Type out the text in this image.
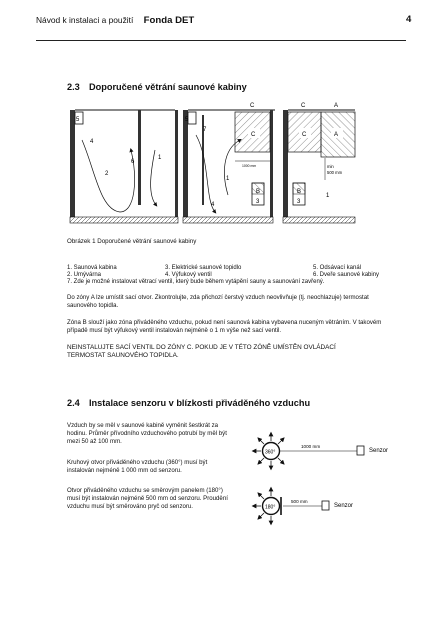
Návod k instalaci a použití Fonda DET	4
2.3 Doporučené větrání saunové kabiny
5
4
2
6
1
C
1000 mm
B
3
5
7
4
1
C
C	A
B
3
min
500 mm
1
C	A
Obrázek 1 Doporučené větrání saunové kabiny
1. Saunová kabina
2. Umývárna
3. Elektrické saunové topidlo
4. Výfukový ventil
5. Odsávací kanál
6. Dveře saunové kabiny
7. Zde je možné instalovat větrací ventil, který bude během vytápění sauny a saunování zavřený.
Do zóny A lze umístit sací otvor. Zkontrolujte, zda přichozí čerstvý vzduch neovlivňuje (tj. neochlazuje) termostat saunového topidla.
Zóna B slouží jako zóna přiváděného vzduchu, pokud není saunová kabina vybavena nuceným větráním. V takovém případě musí být výfukový ventil instalován nejméně o 1 m výše než sací ventil.
NEINSTALUJTE SACÍ VENTIL DO ZÓNY C. POKUD JE V TÉTO ZÓNĚ UMÍSTĚN OVLÁDACÍ TERMOSTAT SAUNOVÉHO TOPIDLA.
2.4 Instalace senzoru v blízkosti přiváděného vzduchu
Vzduch by se měl v saunové kabině vyměnit šestkrát za hodinu. Průměr přívodního vzduchového potrubí by měl být mezi 50 až 100 mm.
Kruhový otvor přiváděného vzduchu (360°) musí být instalován nejméně 1 000 mm od senzoru.
Otvor přiváděného vzduchu se směrovým panelem (180°) musí být instalován nejméně 500 mm od senzoru. Proudění vzduchu musí být směrováno pryč od senzoru.
360°
1000 mm
Senzor
180°
500 mm
Senzor
